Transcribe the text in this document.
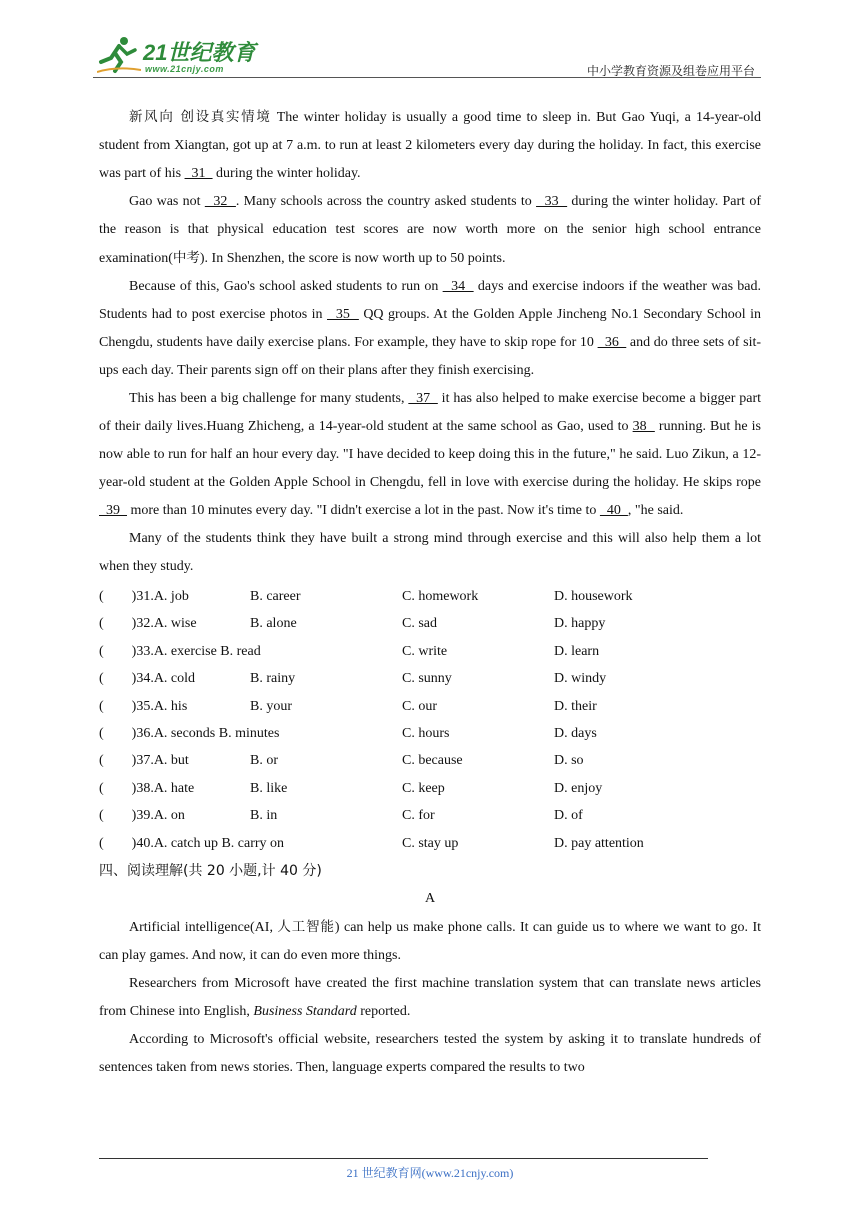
21世纪教育
www.21cnjy.com	中小学教育资源及组卷应用平台

新风向 创设真实情境 The winter holiday is usually a good time to sleep in. But Gao Yuqi, a 14-year-old student from Xiangtan, got up at 7 a.m. to run at least 2 kilometers every day during the holiday. In fact, this exercise was part of his   31   during the winter holiday.

Gao was not   32  . Many schools across the country asked students to   33   during the winter holiday. Part of the reason is that physical education test scores are now worth more on the senior high school entrance examination(中考). In Shenzhen, the score is now worth up to 50 points.

Because of this, Gao's school asked students to run on   34   days and exercise indoors if the weather was bad. Students had to post exercise photos in   35   QQ groups. At the Golden Apple Jincheng No.1 Secondary School in Chengdu, students have daily exercise plans. For example, they have to skip rope for 10   36   and do three sets of sit-ups each day. Their parents sign off on their plans after they finish exercising.

This has been a big challenge for many students,   37   it has also helped to make exercise become a bigger part of their daily lives.Huang Zhicheng, a 14-year-old student at the same school as Gao, used to 38   running. But he is now able to run for half an hour every day. "I have decided to keep doing this in the future," he said. Luo Zikun, a 12-year-old student at the Golden Apple School in Chengdu, fell in love with exercise during the holiday. He skips rope   39   more than 10 minutes every day. "I didn't exercise a lot in the past. Now it's time to   40  , "he said.

Many of the students think they have built a strong mind through exercise and this will also help them a lot when they study.

(        )31.A. job	B. career	C. homework	D. housework
(        )32.A. wise	B. alone	C. sad	D. happy
(        )33.A. exercise B. read	C. write	D. learn
(        )34.A. cold	B. rainy	C. sunny	D. windy
(        )35.A. his	B. your	C. our	D. their
(        )36.A. seconds B. minutes	C. hours	D. days
(        )37.A. but	B. or	C. because	D. so
(        )38.A. hate	B. like	C. keep	D. enjoy
(        )39.A. on	B. in	C. for	D. of
(        )40.A. catch up B. carry on	C. stay up	D. pay attention

四、阅读理解(共 20 小题,计 40 分)

A

Artificial intelligence(AI, 人工智能) can help us make phone calls. It can guide us to where we want to go. It can play games. And now, it can do even more things.

Researchers from Microsoft have created the first machine translation system that can translate news articles from Chinese into English, Business Standard reported.

According to Microsoft's official website, researchers tested the system by asking it to translate hundreds of sentences taken from news stories. Then, language experts compared the results to two

21 世纪教育网(www.21cnjy.com)
